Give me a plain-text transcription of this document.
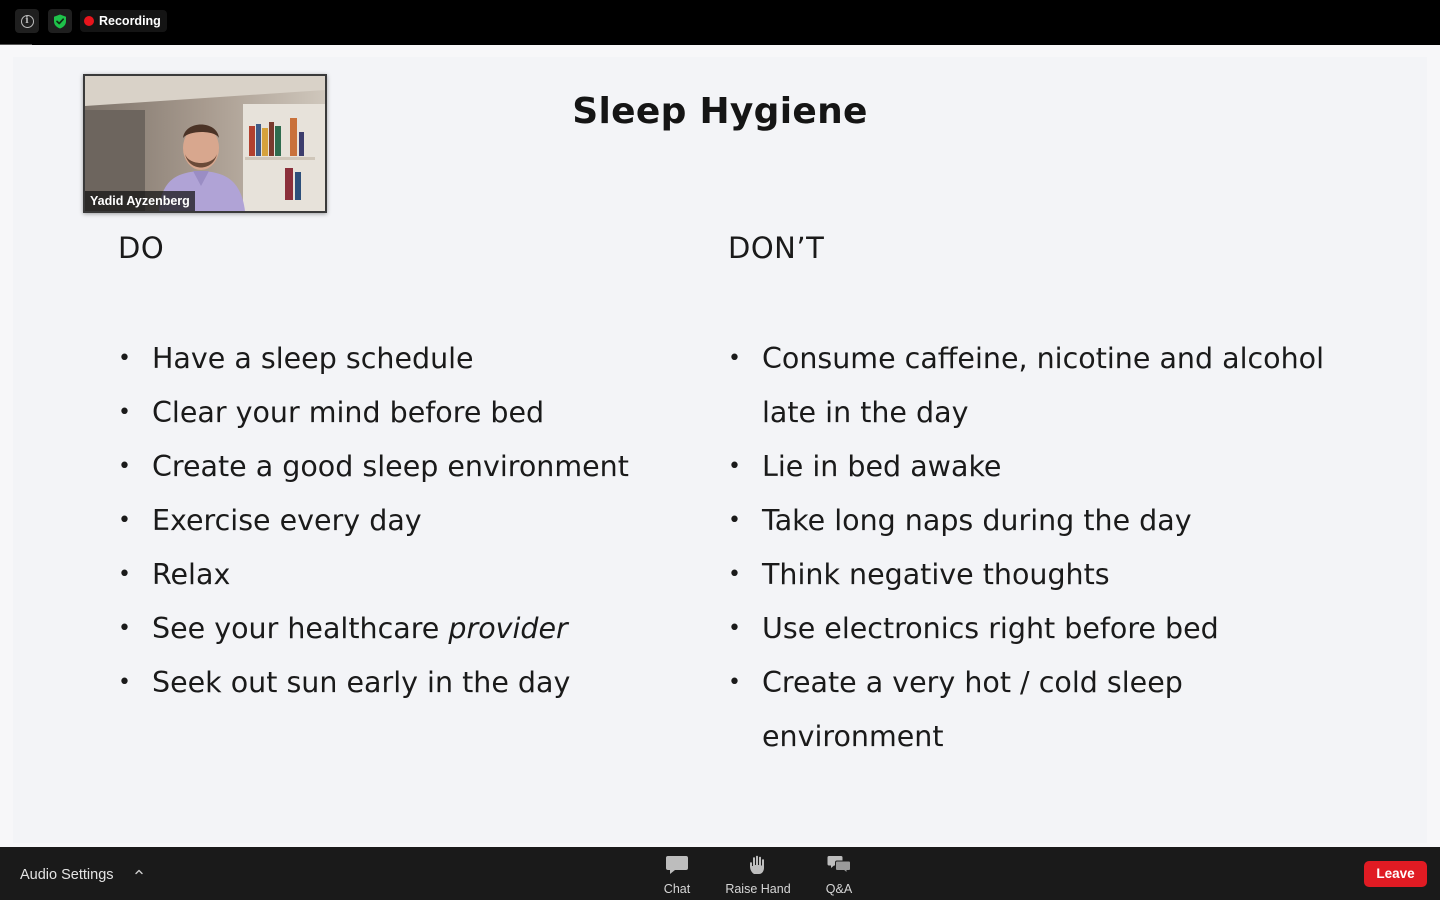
i	Recording
Sleep Hygiene
DO	DON’T
• Have a sleep schedule
• Clear your mind before bed
• Create a good sleep environment
• Exercise every day
• Relax
• See your healthcare provider
• Seek out sun early in the day
• Consume caffeine, nicotine and alcohol late in the day
• Lie in bed awake
• Take long naps during the day
• Think negative thoughts
• Use electronics right before bed
• Create a very hot / cold sleep environment
Yadid Ayzenberg
Audio Settings
Chat	Raise Hand	Q&A
Leave
